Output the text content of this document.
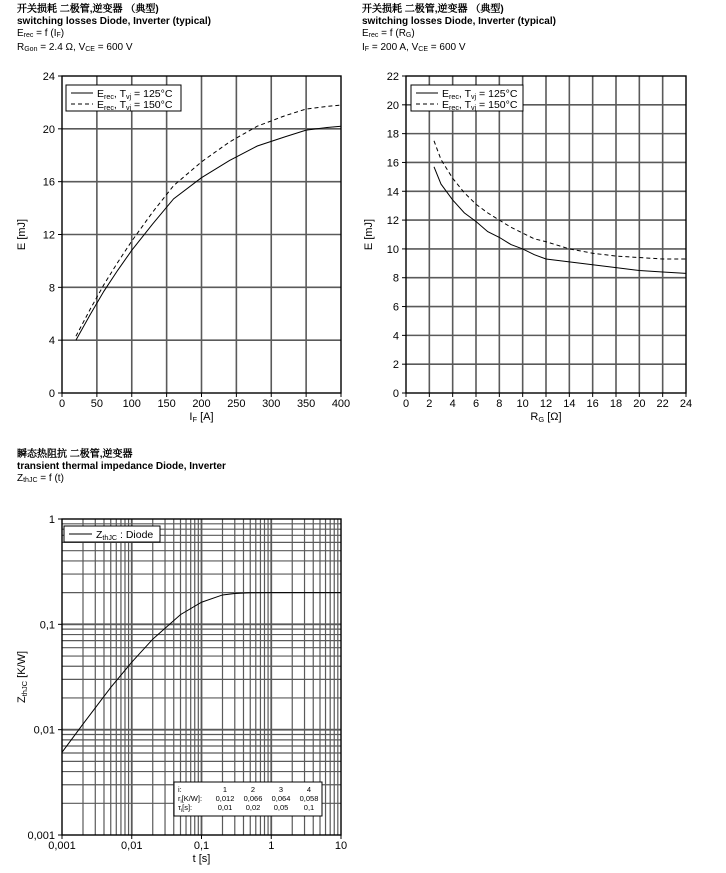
开关损耗 二极管,逆变器 （典型)
switching losses Diode, Inverter (typical)
$E_{rec} = f$ $(I_F)$
$R_{Gon} = 2.4$ Ω, $V_{CE} = 600$ V
开关损耗 二极管,逆变器 （典型)
switching losses Diode, Inverter (typical)
$E_{rec} = f$ $(R_G)$
$I_F = 200$ A, $V_{CE} = 600$ V
瞬态热阻抗 二极管,逆变器
transient thermal impedance Diode, Inverter
$Z_{thJC} = f$ (t)
0 50 100 150 200 250 300 350 400
0
4
8
12
16
20
24
Erec, Tvj = 125°C
Erec, Tvj = 150°C
IF [A]
E [mJ]
0 2 4 6 8 10 12 14 16 18 20 22 24
0
2
4
6
8
10
12
14
16
18
20
22
Erec, Tvj = 125°C
Erec, Tvj = 150°C
RG [Ω]
E [mJ]
0,001	0,01	0,1	1	10
0,001
0,01
0,1
1
ZthJC : Diode
i:	1	2	3	4
$r_i[K/W]$: 0,012 0,066 0,064 0,058
$\tau_i[s]$:	0,01 0,02 0,05 0,1
t [s]
ZthJC [K/W]
